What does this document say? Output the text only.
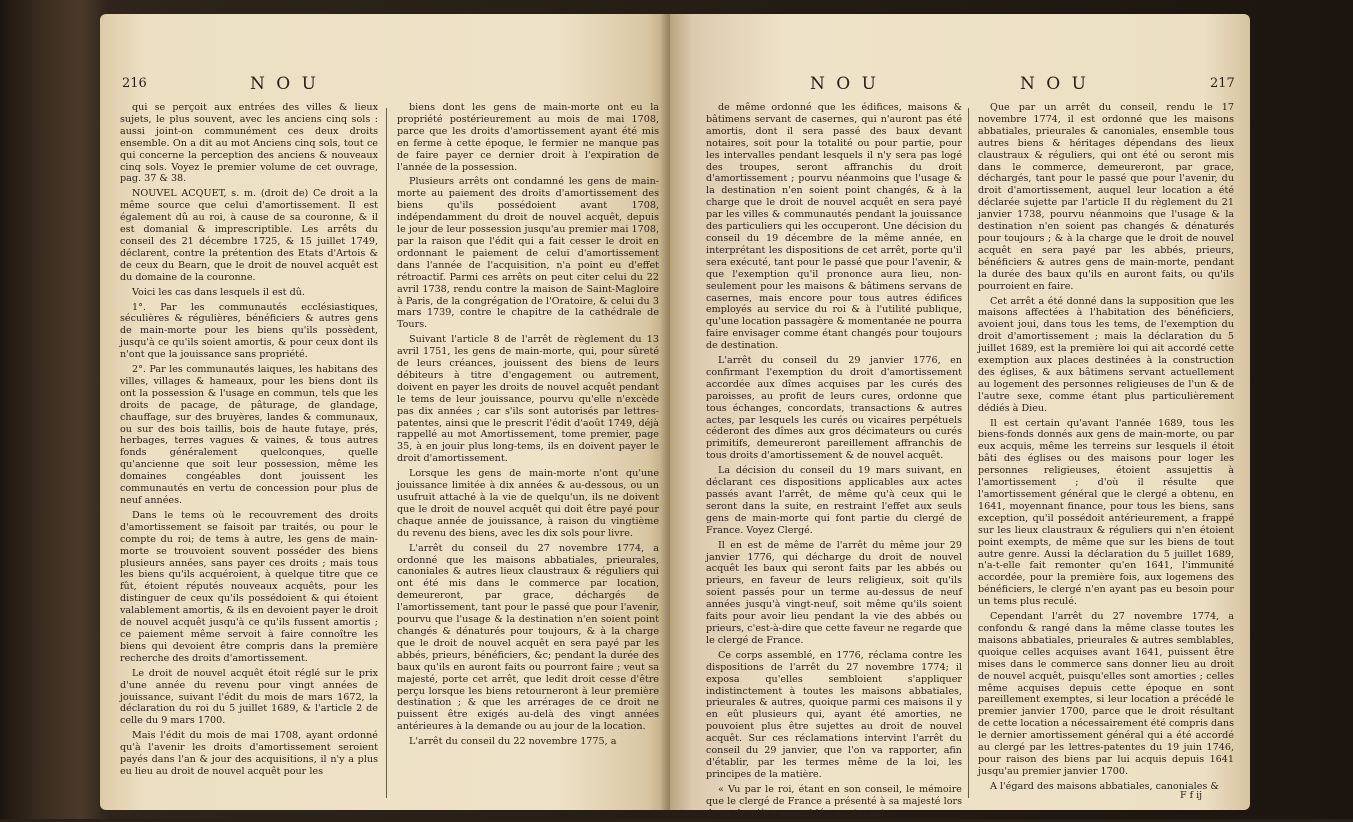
216	N O U

qui se perçoit aux entrées des villes & lieux sujets, le plus souvent, avec les anciens cinq sols : aussi joint-on communément ces deux droits ensemble. On a dit au mot Anciens cinq sols, tout ce qui concerne la perception des anciens & nouveaux cinq sols. Voyez le premier volume de cet ouvrage, pag. 37 & 38.

NOUVEL ACQUET, s. m. (droit de) Ce droit a la même source que celui d'amortissement. Il est également dû au roi, à cause de sa couronne, & il est domanial & imprescriptible. Les arrêts du conseil des 21 décembre 1725, & 15 juillet 1749, déclarent, contre la prétention des Etats d'Artois & de ceux du Bearn, que le droit de nouvel acquêt est du domaine de la couronne.

Voici les cas dans lesquels il est dû.

1°. Par les communautés ecclésiastiques, séculières & régulières, bénéficiers & autres gens de main-morte pour les biens qu'ils possèdent, jusqu'à ce qu'ils soient amortis, & pour ceux dont ils n'ont que la jouissance sans propriété.

2°. Par les communautés laiques, les habitans des villes, villages & hameaux, pour les biens dont ils ont la possession & l'usage en commun, tels que les droits de pacage, de pâturage, de glandage, chauffage, sur des bruyères, landes & communaux, ou sur des bois taillis, bois de haute futaye, prés, herbages, terres vagues & vaines, & tous autres fonds généralement quelconques, quelle qu'ancienne que soit leur possession, même les domaines congéables dont jouissent les communautés en vertu de concession pour plus de neuf années.

Dans le tems où le recouvrement des droits d'amortissement se faisoit par traités, ou pour le compte du roi; de tems à autre, les gens de main-morte se trouvoient souvent posséder des biens plusieurs années, sans payer ces droits ; mais tous les biens qu'ils acquéroient, à quelque titre que ce fût, étoient réputés nouveaux acquêts, pour les distinguer de ceux qu'ils possédoient & qui étoient valablement amortis, & ils en devoient payer le droit de nouvel acquêt jusqu'à ce qu'ils fussent amortis ; ce paiement même servoit à faire connoître les biens qui devoient être compris dans la première recherche des droits d'amortissement.

Le droit de nouvel acquêt étoit réglé sur le prix d'une année du revenu pour vingt années de jouissance, suivant l'édit du mois de mars 1672, la déclaration du roi du 5 juillet 1689, & l'article 2 de celle du 9 mars 1700.

Mais l'édit du mois de mai 1708, ayant ordonné qu'à l'avenir les droits d'amortissement seroient payés dans l'an & jour des acquisitions, il n'y a plus eu lieu au droit de nouvel acquêt pour les

biens dont les gens de main-morte ont eu la propriété postérieurement au mois de mai 1708, parce que les droits d'amortissement ayant été mis en ferme à cette époque, le fermier ne manque pas de faire payer ce dernier droit à l'expiration de l'année de la possession.

Plusieurs arrêts ont condamné les gens de main-morte au paiement des droits d'amortissement des biens qu'ils possédoient avant 1708, indépendamment du droit de nouvel acquêt, depuis le jour de leur possession jusqu'au premier mai 1708, par la raison que l'édit qui a fait cesser le droit en ordonnant le paiement de celui d'amortissement dans l'année de l'acquisition, n'a point eu d'effet rétroactif. Parmi ces arrêts on peut citer celui du 22 avril 1738, rendu contre la maison de Saint-Magloire à Paris, de la congrégation de l'Oratoire, & celui du 3 mars 1739, contre le chapitre de la cathédrale de Tours.

Suivant l'article 8 de l'arrêt de règlement du 13 avril 1751, les gens de main-morte, qui, pour sûreté de leurs créances, jouissent des biens de leurs débiteurs à titre d'engagement ou autrement, doivent en payer les droits de nouvel acquêt pendant le tems de leur jouissance, pourvu qu'elle n'excède pas dix années ; car s'ils sont autorisés par lettres-patentes, ainsi que le prescrit l'édit d'août 1749, déjà rappellé au mot Amortissement, tome premier, page 35, à en jouir plus long-tems, ils en doivent payer le droit d'amortissement.

Lorsque les gens de main-morte n'ont qu'une jouissance limitée à dix années & au-dessous, ou un usufruit attaché à la vie de quelqu'un, ils ne doivent que le droit de nouvel acquêt qui doit être payé pour chaque année de jouissance, à raison du vingtième du revenu des biens, avec les dix sols pour livre.

L'arrêt du conseil du 27 novembre 1774, a ordonné que les maisons abbatiales, prieurales, canoniales & autres lieux claustraux & réguliers qui ont été mis dans le commerce par location, demeureront, par grace, déchargés de l'amortissement, tant pour le passé que pour l'avenir, pourvu que l'usage & la destination n'en soient point changés & dénaturés pour toujours, & à la charge que le droit de nouvel acquêt en sera payé par les abbés, prieurs, bénéficiers, &c; pendant la durée des baux qu'ils en auront faits ou pourront faire ; veut sa majesté, porte cet arrêt, que ledit droit cesse d'être perçu lorsque les biens retourneront à leur première destination ; & que les arrérages de ce droit ne puissent être exigés au-delà des vingt années antérieures à la demande ou au jour de la location.

L'arrêt du conseil du 22 novembre 1775, a

N O U	N O U	217

de même ordonné que les édifices, maisons & bâtimens servant de casernes, qui n'auront pas été amortis, dont il sera passé des baux devant notaires, soit pour la totalité ou pour partie, pour les intervalles pendant lesquels il n'y sera pas logé des troupes, seront affranchis du droit d'amortissement ; pourvu néanmoins que l'usage & la destination n'en soient point changés, & à la charge que le droit de nouvel acquêt en sera payé par les villes & communautés pendant la jouissance des particuliers qui les occuperont. Une décision du conseil du 19 décembre de la même année, en interprétant les dispositions de cet arrêt, porte qu'il sera exécuté, tant pour le passé que pour l'avenir, & que l'exemption qu'il prononce aura lieu, non-seulement pour les maisons & bâtimens servans de casernes, mais encore pour tous autres édifices employés au service du roi & à l'utilité publique, qu'une location passagère & momentanée ne pourra faire envisager comme étant changés pour toujours de destination.

L'arrêt du conseil du 29 janvier 1776, en confirmant l'exemption du droit d'amortissement accordée aux dîmes acquises par les curés des paroisses, au profit de leurs cures, ordonne que tous échanges, concordats, transactions & autres actes, par lesquels les curés ou vicaires perpétuels céderont des dîmes aux gros décimateurs ou curés primitifs, demeureront pareillement affranchis de tous droits d'amortissement & de nouvel acquêt.

La décision du conseil du 19 mars suivant, en déclarant ces dispositions applicables aux actes passés avant l'arrêt, de même qu'à ceux qui le seront dans la suite, en restraint l'effet aux seuls gens de main-morte qui font partie du clergé de France. Voyez Clergé.

Il en est de même de l'arrêt du même jour 29 janvier 1776, qui décharge du droit de nouvel acquêt les baux qui seront faits par les abbés ou prieurs, en faveur de leurs religieux, soit qu'ils soient passés pour un terme au-dessus de neuf années jusqu'à vingt-neuf, soit même qu'ils soient faits pour avoir lieu pendant la vie des abbés ou prieurs, c'est-à-dire que cette faveur ne regarde que le clergé de France.

Ce corps assemblé, en 1776, réclama contre les dispositions de l'arrêt du 27 novembre 1774; il exposa qu'elles sembloient s'appliquer indistinctement à toutes les maisons abbatiales, prieurales & autres, quoique parmi ces maisons il y en eût plusieurs qui, ayant été amorties, ne pouvoient plus être sujettes au droit de nouvel acquêt. Sur ces réclamations intervint l'arrêt du conseil du 29 janvier, que l'on va rapporter, afin d'établir, par les termes même de la loi, les principes de la matière.

« Vu par le roi, étant en son conseil, le mémoire que le clergé de France a présenté à sa majesté lors de sa dernière assemblée, contenant :

Que par un arrêt du conseil, rendu le 17 novembre 1774, il est ordonné que les maisons abbatiales, prieurales & canoniales, ensemble tous autres biens & héritages dépendans des lieux claustraux & réguliers, qui ont été ou seront mis dans le commerce, demeureront, par grace, déchargés, tant pour le passé que pour l'avenir, du droit d'amortissement, auquel leur location a été déclarée sujette par l'article II du règlement du 21 janvier 1738, pourvu néanmoins que l'usage & la destination n'en soient pas changés & dénaturés pour toujours ; & à la charge que le droit de nouvel acquêt en sera payé par les abbés, prieurs, bénéficiers & autres gens de main-morte, pendant la durée des baux qu'ils en auront faits, ou qu'ils pourroient en faire.

Cet arrêt a été donné dans la supposition que les maisons affectées à l'habitation des bénéficiers, avoient joui, dans tous les tems, de l'exemption du droit d'amortissement ; mais la déclaration du 5 juillet 1689, est la première loi qui ait accordé cette exemption aux places destinées à la construction des églises, & aux bâtimens servant actuellement au logement des personnes religieuses de l'un & de l'autre sexe, comme étant plus particulièrement dédiés à Dieu.

Il est certain qu'avant l'année 1689, tous les biens-fonds donnés aux gens de main-morte, ou par eux acquis, même les terreins sur lesquels il étoit bâti des églises ou des maisons pour loger les personnes religieuses, étoient assujettis à l'amortissement ; d'où il résulte que l'amortissement général que le clergé a obtenu, en 1641, moyennant finance, pour tous les biens, sans exception, qu'il possédoit antérieurement, a frappé sur les lieux claustraux & réguliers qui n'en étoient point exempts, de même que sur les biens de tout autre genre. Aussi la déclaration du 5 juillet 1689, n'a-t-elle fait remonter qu'en 1641, l'immunité accordée, pour la première fois, aux logemens des bénéficiers, le clergé n'en ayant pas eu besoin pour un tems plus reculé.

Cependant l'arrêt du 27 novembre 1774, a confondu & rangé dans la même classe toutes les maisons abbatiales, prieurales & autres semblables, quoique celles acquises avant 1641, puissent être mises dans le commerce sans donner lieu au droit de nouvel acquêt, puisqu'elles sont amorties ; celles même acquises depuis cette époque en sont pareillement exemptes, si leur location a précédé le premier janvier 1700, parce que le droit résultant de cette location a nécessairement été compris dans le dernier amortissement général qui a été accordé au clergé par les lettres-patentes du 19 juin 1746, pour raison des biens par lui acquis depuis 1641 jusqu'au premier janvier 1700.

A l'égard des maisons abbatiales, canoniales &

F f ij
